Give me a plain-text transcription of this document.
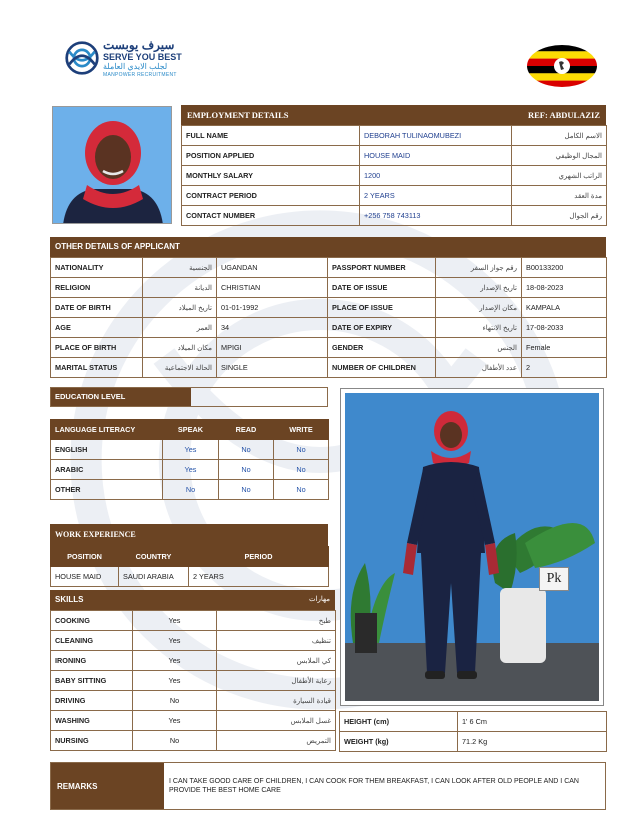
سيرف يوبست
SERVE YOU BEST
لجلب الايدي العاملة
MANPOWER RECRUITMENT
EMPLOYMENT DETAILS	REF: ABDULAZIZ
FULL NAME	DEBORAH TULINAOMUBEZI	الاسم الكامل
POSITION APPLIED	HOUSE MAID	المجال الوظيفي
MONTHLY SALARY	1200	الراتب الشهري
CONTRACT PERIOD	2 YEARS	مدة العقد
CONTACT NUMBER	+256 758 743113	رقم الجوال
OTHER DETAILS OF APPLICANT
NATIONALITY	الجنسية	UGANDAN	PASSPORT NUMBER	رقم جواز السفر	B00133200
RELIGION	الديانة	CHRISTIAN	DATE OF ISSUE	تاريخ الإصدار	18-08-2023
DATE OF BIRTH	تاريخ الميلاد	01-01-1992	PLACE OF ISSUE	مكان الإصدار	KAMPALA
AGE	العمر	34	DATE OF EXPIRY	تاريخ الانتهاء	17-08-2033
PLACE OF BIRTH	مكان الميلاد	MPIGI	GENDER	الجنس	Female
MARITAL STATUS	الحالة الاجتماعية	SINGLE	NUMBER OF CHILDREN	عدد الأطفال	2
EDUCATION LEVEL
LANGUAGE LITERACY	SPEAK	READ	WRITE
ENGLISH	Yes	No	No
ARABIC	Yes	No	No
OTHER	No	No	No
WORK EXPERIENCE
POSITION	COUNTRY	PERIOD
HOUSE MAID	SAUDI ARABIA	2 YEARS
SKILLS	مهارات
COOKING	Yes	طبخ
CLEANING	Yes	تنظيف
IRONING	Yes	كي الملابس
BABY SITTING	Yes	رعاية الأطفال
DRIVING	No	قيادة السيارة
WASHING	Yes	غسل الملابس
NURSING	No	التمريض
Pk
HEIGHT (cm)	1' 6 Cm
WEIGHT (kg)	71.2 Kg
REMARKS	I CAN TAKE GOOD CARE OF CHILDREN, I CAN COOK FOR THEM BREAKFAST, I CAN LOOK AFTER OLD PEOPLE AND I CAN PROVIDE THE BEST HOME CARE
